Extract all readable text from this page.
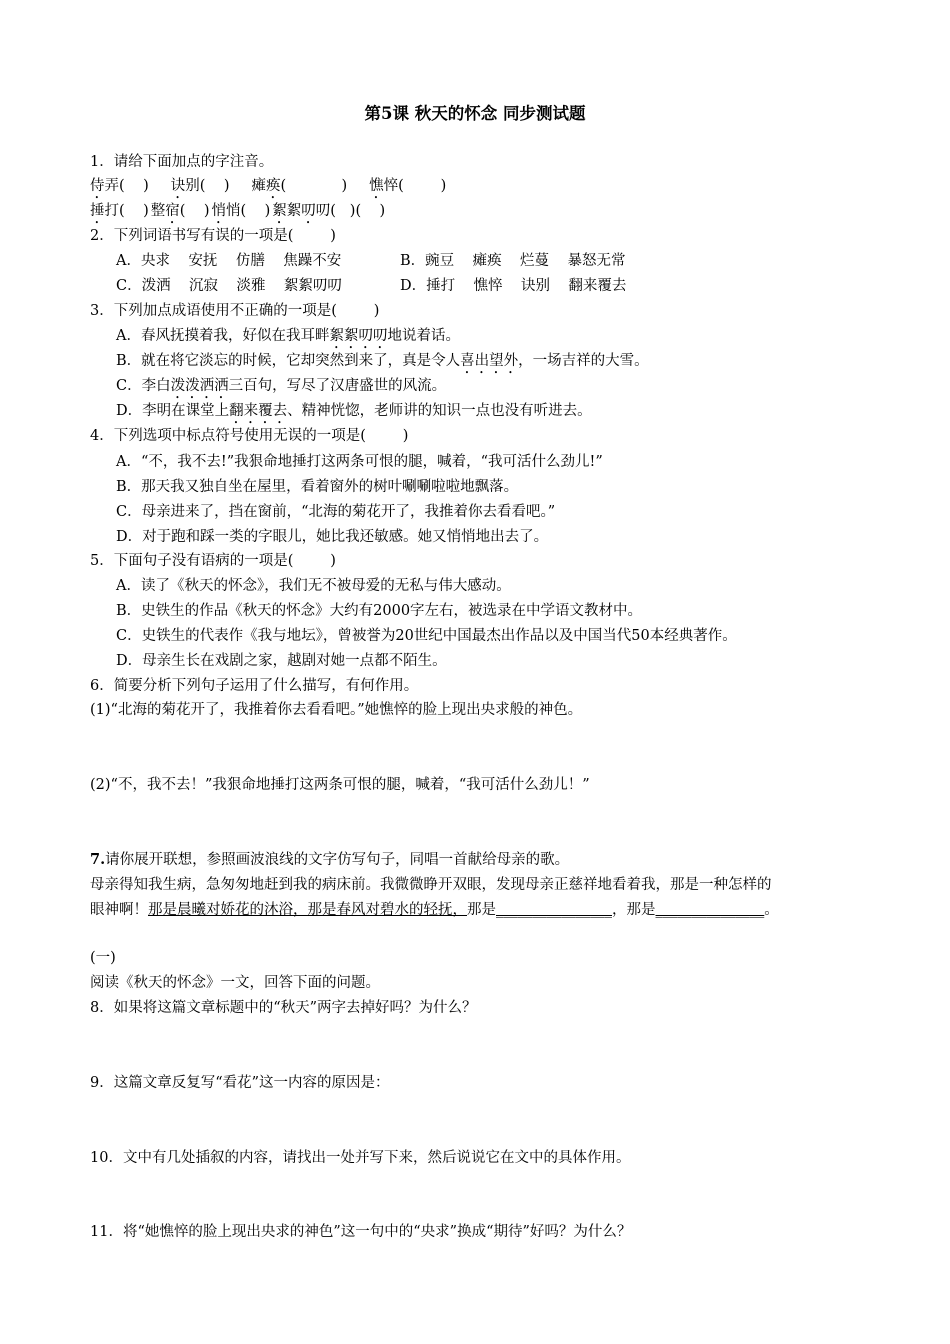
第5课 秋天的怀念 同步测试题
1．请给下面加点的字注音。
侍弄(    ) 诀别(    ) 瘫痪(            ) 憔悴(        )
捶打(    ) 整宿(    ) 悄悄(    ) 絮絮叨叨(   )(    )
2．下列词语书写有误的一项是(        )
A．央求    安抚    仿膳    焦躁不安	B．豌豆    瘫痪    烂蔓    暴怒无常
C．泼洒    沉寂    淡雅    絮絮叨叨	D．捶打    憔悴    诀别    翻来覆去
3．下列加点成语使用不正确的一项是(        )
A．春风抚摸着我，好似在我耳畔絮絮叨叨地说着话。
B．就在将它淡忘的时候，它却突然到来了，真是令人喜出望外，一场吉祥的大雪。
C．李白泼泼洒洒三百句，写尽了汉唐盛世的风流。
D．李明在课堂上翻来覆去、精神恍惚，老师讲的知识一点也没有听进去。
4．下列选项中标点符号使用无误的一项是(        )
A．“不，我不去!”我狠命地捶打这两条可恨的腿，喊着，“我可活什么劲儿!”
B．那天我又独自坐在屋里，看着窗外的树叶唰唰啦啦地飘落。
C．母亲进来了，挡在窗前，“北海的菊花开了，我推着你去看看吧。”
D．对于跑和踩一类的字眼儿，她比我还敏感。她又悄悄地出去了。
5．下面句子没有语病的一项是(        )
A．读了《秋天的怀念》，我们无不被母爱的无私与伟大感动。
B．史铁生的作品《秋天的怀念》大约有2000字左右，被选录在中学语文教材中。
C．史铁生的代表作《我与地坛》，曾被誉为20世纪中国最杰出作品以及中国当代50本经典著作。
D．母亲生长在戏剧之家，越剧对她一点都不陌生。
6．简要分析下列句子运用了什么描写，有何作用。
(1)“北海的菊花开了，我推着你去看看吧。”她憔悴的脸上现出央求般的神色。
(2)“不，我不去！”我狠命地捶打这两条可恨的腿，喊着，“我可活什么劲儿！”
7.请你展开联想，参照画波浪线的文字仿写句子，同唱一首献给母亲的歌。
母亲得知我生病，急匆匆地赶到我的病床前。我微微睁开双眼，发现母亲正慈祥地看着我，那是一种怎样的
眼神啊！那是晨曦对娇花的沐浴，那是春风对碧水的轻抚，那是________________，那是_______________。
(一)
阅读《秋天的怀念》一文，回答下面的问题。
8．如果将这篇文章标题中的“秋天”两字去掉好吗？为什么？
9．这篇文章反复写“看花”这一内容的原因是：
10．文中有几处插叙的内容，请找出一处并写下来，然后说说它在文中的具体作用。
11．将“她憔悴的脸上现出央求的神色”这一句中的“央求”换成“期待”好吗？为什么？
